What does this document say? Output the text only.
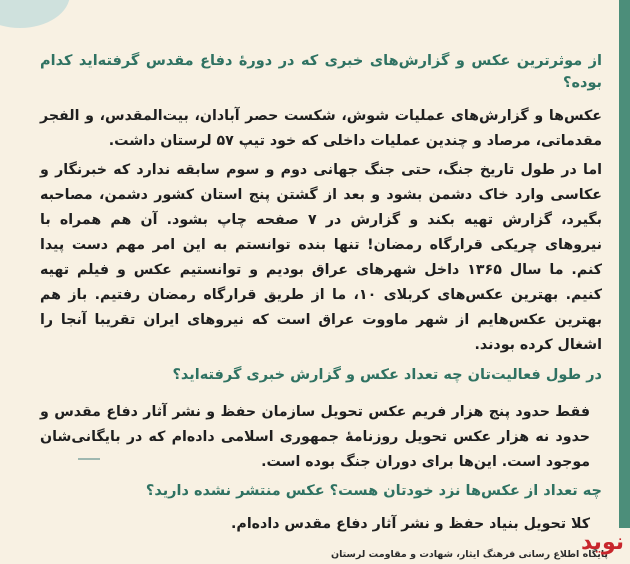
از موثرترین عکس و گزارش‌های خبری که در دورۀ دفاع مقدس گرفته‌اید کدام بوده؟

عکس‌ها و گزارش‌های عملیات شوش، شکست حصر آبادان، بیت‌المقدس، و الفجر مقدماتی، مرصاد و چندین عملیات داخلی که خود تیپ ۵۷ لرستان داشت.

اما در طول تاریخ جنگ، حتی جنگ جهانی دوم و سوم سابقه ندارد که خبرنگار و عکاسی وارد خاک دشمن بشود و بعد از گشتن پنج استان کشور دشمن، مصاحبه بگیرد، گزارش تهیه بکند و گزارش در ۷ صفحه چاپ بشود. آن هم همراه با نیروهای چریکی قرارگاه رمضان! تنها بنده توانستم به این امر مهم دست پیدا کنم. ما سال ۱۳۶۵ داخل شهرهای عراق بودیم و توانستیم عکس و فیلم تهیه کنیم. بهترین عکس‌های کربلای ۱۰، ما از طریق قرارگاه رمضان رفتیم. باز هم بهترین عکس‌هایم از شهر ماووت عراق است که نیروهای ایران تقریبا آنجا را اشغال کرده بودند.

در طول فعالیت‌تان چه تعداد عکس و گزارش خبری گرفته‌اید؟

فقط حدود پنج هزار فریم عکس تحویل سازمان حفظ و نشر آثار دفاع مقدس و حدود نه هزار عکس تحویل روزنامۀ جمهوری اسلامی داده‌ام که در بایگانی‌شان موجود است. این‌ها برای دوران جنگ بوده است.

چه تعداد از عکس‌ها نزد خودتان هست؟ عکس منتشر نشده دارید؟

کلا تحویل بنیاد حفظ و نشر آثار دفاع مقدس داده‌ام.

پایگاه اطلاع رسانی فرهنگ ایثار، شهادت و مقاومت لرستان
نوید
